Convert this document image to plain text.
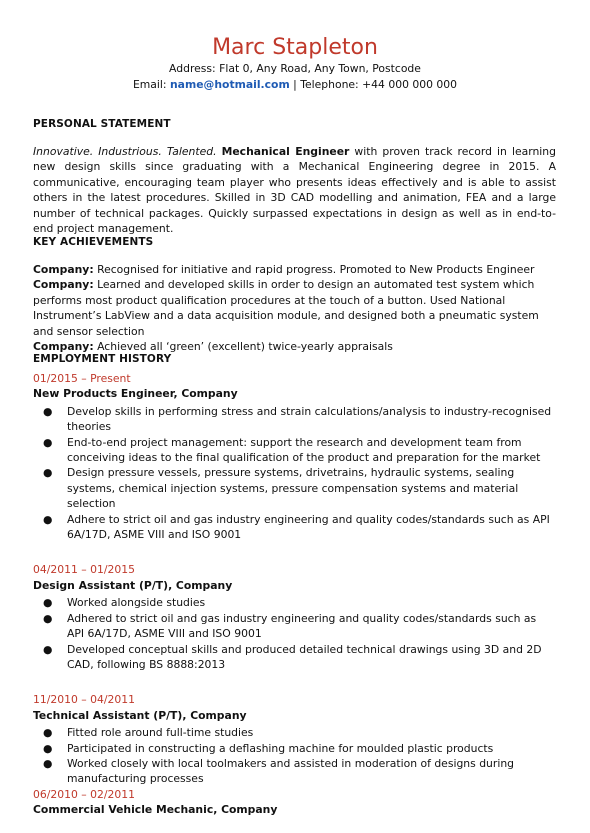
Marc Stapleton
Address: Flat 0, Any Road, Any Town, Postcode
Email: name@hotmail.com | Telephone: +44 000 000 000

PERSONAL STATEMENT

Innovative. Industrious. Talented. Mechanical Engineer with proven track record in learning new design skills since graduating with a Mechanical Engineering degree in 2015. A communicative, encouraging team player who presents ideas effectively and is able to assist others in the latest procedures. Skilled in 3D CAD modelling and animation, FEA and a large number of technical packages. Quickly surpassed expectations in design as well as in end-to-end project management.

KEY ACHIEVEMENTS

Company: Recognised for initiative and rapid progress. Promoted to New Products Engineer

Company: Learned and developed skills in order to design an automated test system which performs most product qualification procedures at the touch of a button. Used National Instrument’s LabView and a data acquisition module, and designed both a pneumatic system and sensor selection

Company: Achieved all ‘green’ (excellent) twice-yearly appraisals

EMPLOYMENT HISTORY

01/2015 – Present

New Products Engineer, Company

● Develop skills in performing stress and strain calculations/analysis to industry-recognised theories
● End-to-end project management: support the research and development team from conceiving ideas to the final qualification of the product and preparation for the market
● Design pressure vessels, pressure systems, drivetrains, hydraulic systems, sealing systems, chemical injection systems, pressure compensation systems and material selection
● Adhere to strict oil and gas industry engineering and quality codes/standards such as API 6A/17D, ASME VIII and ISO 9001

04/2011 – 01/2015

Design Assistant (P/T), Company

● Worked alongside studies
● Adhered to strict oil and gas industry engineering and quality codes/standards such as API 6A/17D, ASME VIII and ISO 9001
● Developed conceptual skills and produced detailed technical drawings using 3D and 2D CAD, following BS 8888:2013

11/2010 – 04/2011

Technical Assistant (P/T), Company

● Fitted role around full-time studies
● Participated in constructing a deflashing machine for moulded plastic products
● Worked closely with local toolmakers and assisted in moderation of designs during manufacturing processes

06/2010 – 02/2011

Commercial Vehicle Mechanic, Company
